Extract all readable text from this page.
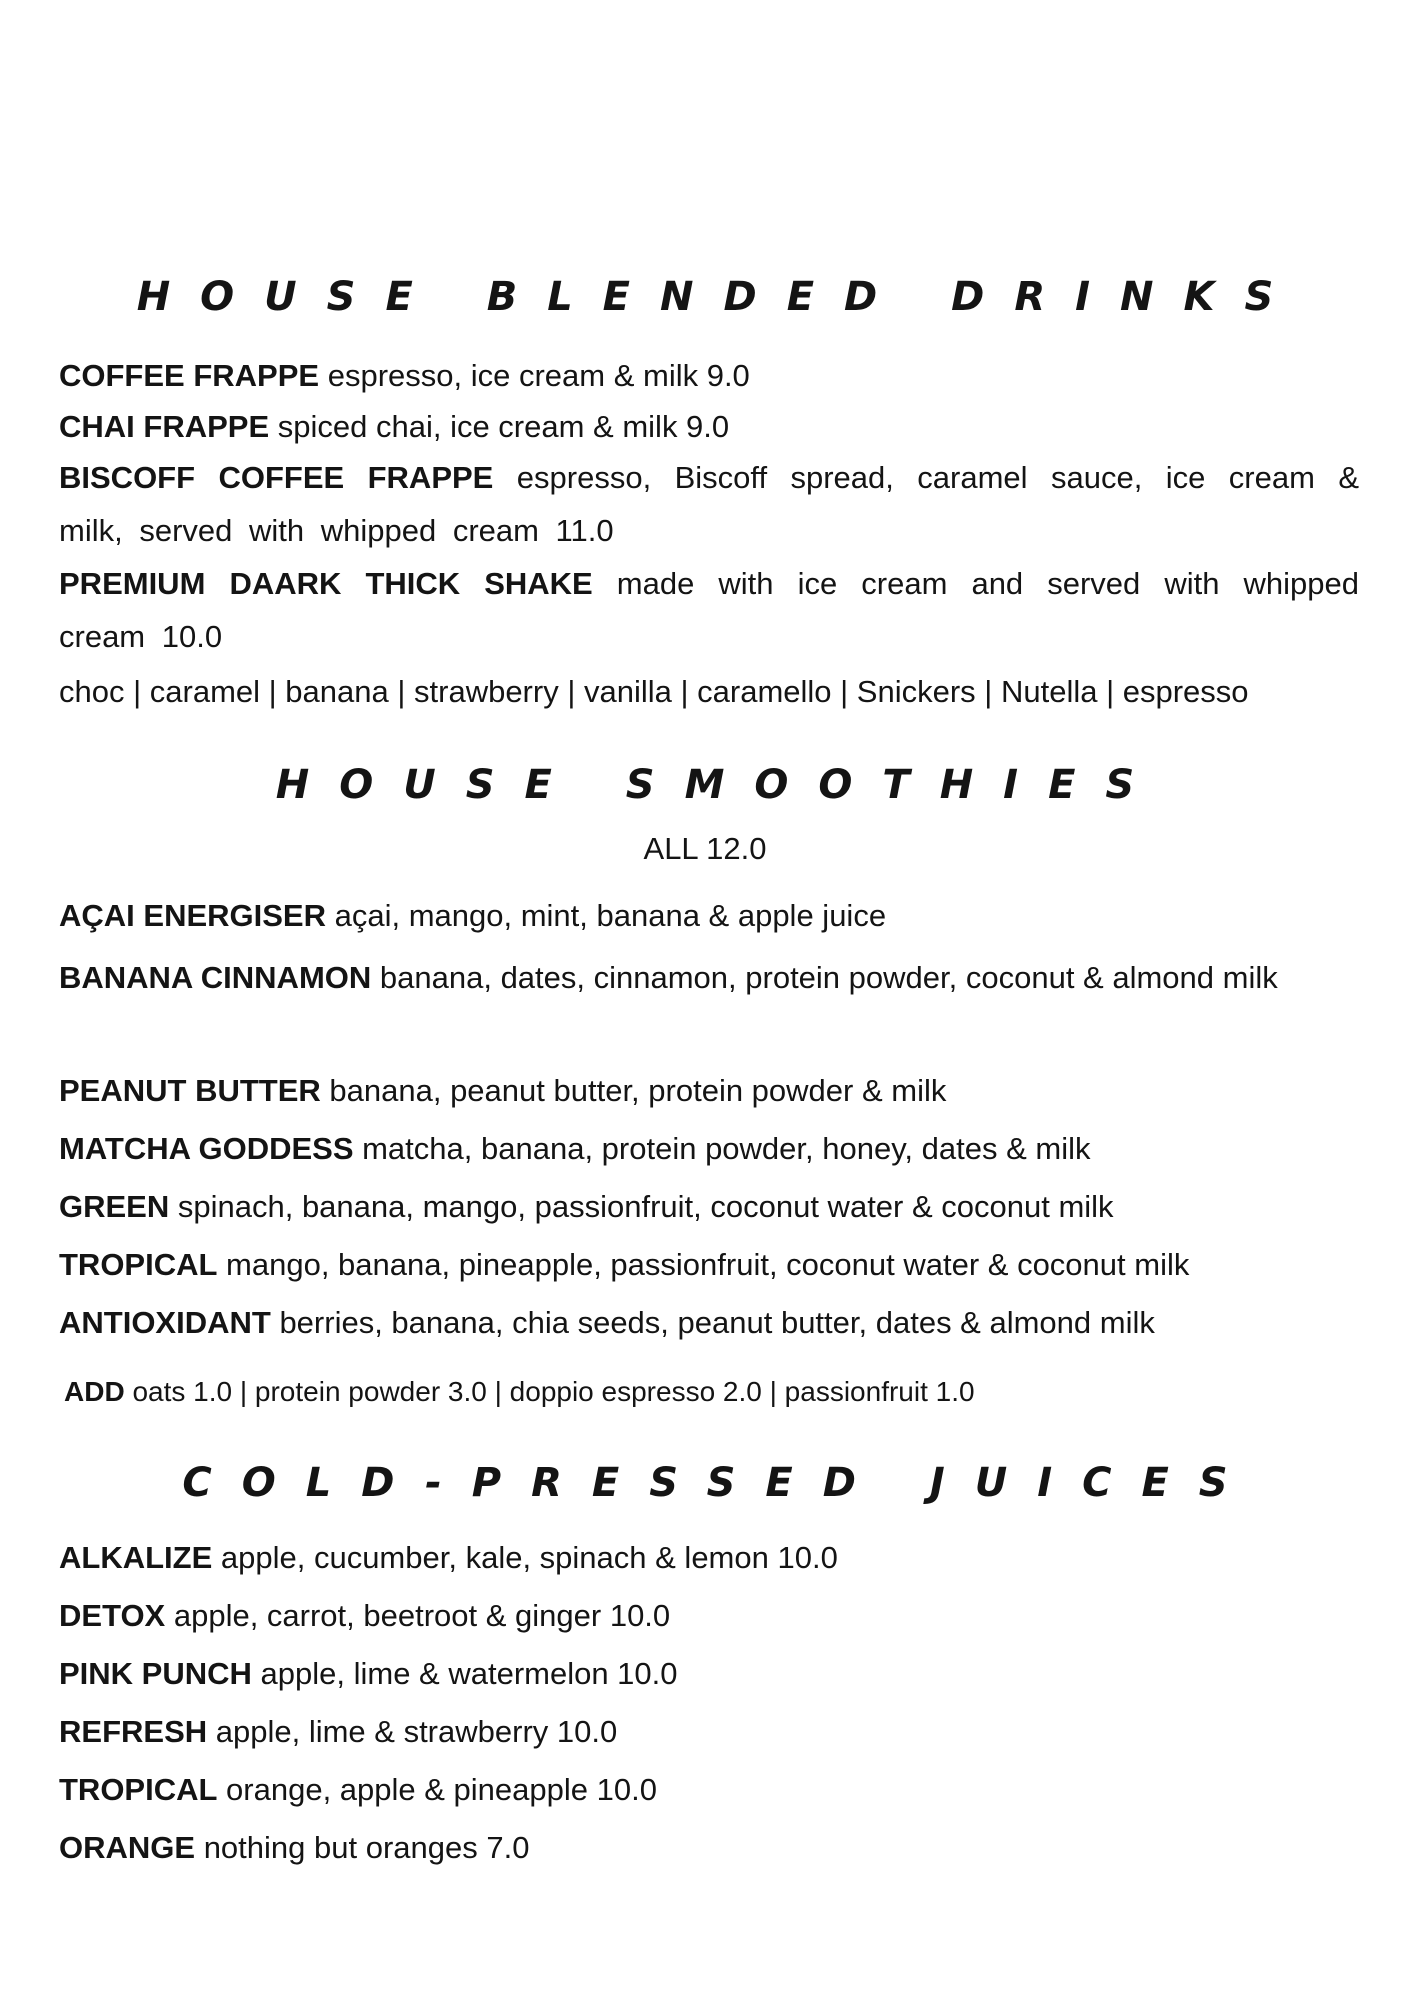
HOUSE BLENDED DRINKS
COFFEE FRAPPE espresso, ice cream & milk 9.0
CHAI FRAPPE spiced chai, ice cream & milk 9.0
BISCOFF COFFEE FRAPPE espresso, Biscoff spread, caramel sauce, ice cream & milk, served with whipped cream 11.0
PREMIUM DAARK THICK SHAKE made with ice cream and served with whipped cream 10.0
choc | caramel | banana | strawberry | vanilla | caramello | Snickers | Nutella | espresso
HOUSE SMOOTHIES
ALL 12.0
AÇAI ENERGISER açai, mango, mint, banana & apple juice
BANANA CINNAMON banana, dates, cinnamon, protein powder, coconut & almond milk
PEANUT BUTTER banana, peanut butter, protein powder & milk
MATCHA GODDESS matcha, banana, protein powder, honey, dates & milk
GREEN spinach, banana, mango, passionfruit, coconut water & coconut milk
TROPICAL mango, banana, pineapple, passionfruit, coconut water & coconut milk
ANTIOXIDANT berries, banana, chia seeds, peanut butter, dates & almond milk
ADD oats 1.0 | protein powder 3.0 | doppio espresso 2.0 | passionfruit 1.0
COLD-PRESSED JUICES
ALKALIZE apple, cucumber, kale, spinach & lemon 10.0
DETOX apple, carrot, beetroot & ginger 10.0
PINK PUNCH apple, lime & watermelon 10.0
REFRESH apple, lime & strawberry 10.0
TROPICAL orange, apple & pineapple 10.0
ORANGE nothing but oranges 7.0
